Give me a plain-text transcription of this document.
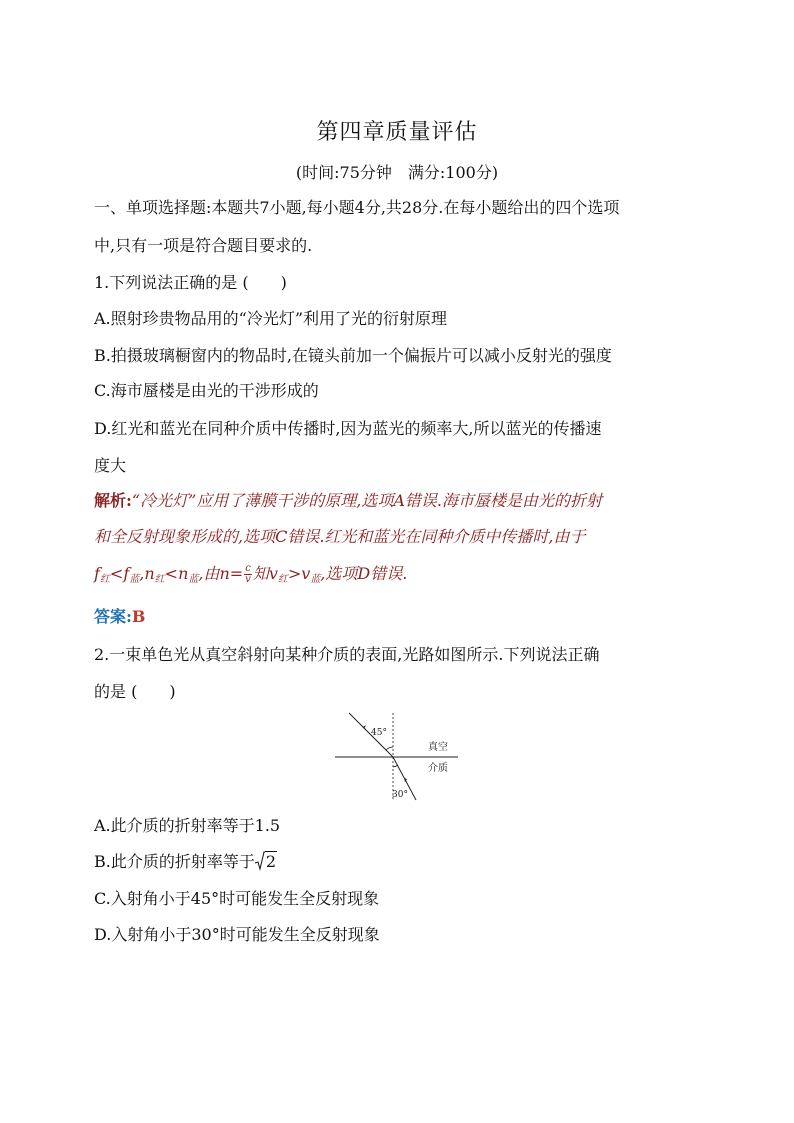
第四章质量评估
(时间:75分钟　满分:100分)
一、单项选择题:本题共7小题,每小题4分,共28分.在每小题给出的四个选项
中,只有一项是符合题目要求的.
1.下列说法正确的是 (　　)
A.照射珍贵物品用的“冷光灯”利用了光的衍射原理
B.拍摄玻璃橱窗内的物品时,在镜头前加一个偏振片可以减小反射光的强度
C.海市蜃楼是由光的干涉形成的
D.红光和蓝光在同种介质中传播时,因为蓝光的频率大,所以蓝光的传播速
度大
解析:“冷光灯”应用了薄膜干涉的原理,选项A错误.海市蜃楼是由光的折射
和全反射现象形成的,选项C错误.红光和蓝光在同种介质中传播时,由于
$f_红<f_蓝,n_红<n_蓝$,由$n= \frac{c}{v}$ 知$v_红>v_蓝$,选项D错误.
答案:B
2.一束单色光从真空斜射向某种介质的表面,光路如图所示.下列说法正确
的是 (　　)
45°
30°
真空
介质
A.此介质的折射率等于1.5
B.此介质的折射率等于 2
C.入射角小于45°时可能发生全反射现象
D.入射角小于30°时可能发生全反射现象
